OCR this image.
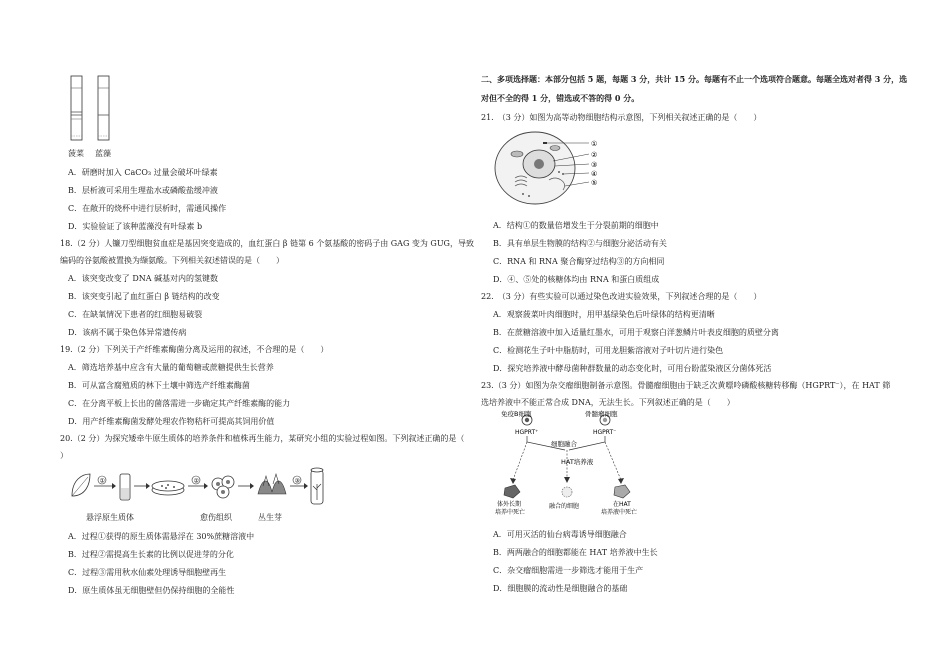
菠菜 蓝藻
A．研磨时加入 CaCO₃ 过量会破坏叶绿素
B．层析液可采用生理盐水或磷酸盐缓冲液
C．在敞开的烧杯中进行层析时，需通风操作
D．实验验证了该种蓝藻没有叶绿素 b
18.（2 分）人镰刀型细胞贫血症是基因突变造成的，血红蛋白 β 链第 6 个氨基酸的密码子由 GAG 变为 GUG，导致
编码的谷氨酸被置换为缬氨酸。下列相关叙述错误的是（　　）
A．该突变改变了 DNA 碱基对内的氢键数
B．该突变引起了血红蛋白 β 链结构的改变
C．在缺氧情况下患者的红细胞易破裂
D．该病不属于染色体异常遗传病
19.（2 分）下列关于产纤维素酶菌分离及运用的叙述，不合理的是（　　）
A．筛选培养基中应含有大量的葡萄糖或蔗糖提供生长营养
B．可从富含腐殖质的林下土壤中筛选产纤维素酶菌
C．在分离平板上长出的菌落需进一步确定其产纤维素酶的能力
D．用产纤维素酶菌发酵处理农作物秸秆可提高其饲用价值
20.（2 分）为探究矮牵牛原生质体的培养条件和植株再生能力，某研究小组的实验过程如图。下列叙述正确的是（
）
①	②	③
悬浮原生质体	愈伤组织	丛生芽
A．过程①获得的原生质体需悬浮在 30%蔗糖溶液中
B．过程②需提高生长素的比例以促进芽的分化
C．过程③需用秋水仙素处理诱导细胞壁再生
D．原生质体虽无细胞壁但仍保持细胞的全能性
二、多项选择题：本部分包括 5 题，每题 3 分，共计 15 分。每题有不止一个选项符合题意。每题全选对者得 3 分，选
对但不全的得 1 分，错选或不答的得 0 分。
21.　（3 分）如图为高等动物细胞结构示意图，下列相关叙述正确的是（　　）
①
②
③
④
⑤
A．结构①的数量倍增发生于分裂前期的细胞中
B．具有单层生物膜的结构②与细胞分泌活动有关
C．RNA 和 RNA 聚合酶穿过结构③的方向相同
D．④、⑤处的核糖体均由 RNA 和蛋白质组成
22.　（3 分）有些实验可以通过染色改进实验效果，下列叙述合理的是（　　）
A．观察菠菜叶肉细胞时，用甲基绿染色后叶绿体的结构更清晰
B．在蔗糖溶液中加入适量红墨水，可用于观察白洋葱鳞片叶表皮细胞的质壁分离
C．检测花生子叶中脂肪时，可用龙胆紫溶液对子叶切片进行染色
D．探究培养液中酵母菌种群数量的动态变化时，可用台盼蓝染液区分菌体死活
23.（3 分）如图为杂交瘤细胞制备示意图。骨髓瘤细胞由于缺乏次黄嘌呤磷酸核糖转移酶（HGPRT⁻），在 HAT 筛
选培养液中不能正常合成 DNA，无法生长。下列叙述正确的是（　　）
免疫B细胞	骨髓瘤细胞
HGPRT⁺	HGPRT⁻
细胞融合
HAT培养液
体外长期
培养中死亡
融合的细胞	在HAT
培养液中死亡
A．可用灭活的仙台病毒诱导细胞融合
B．两两融合的细胞都能在 HAT 培养液中生长
C．杂交瘤细胞需进一步筛选才能用于生产
D．细胞膜的流动性是细胞融合的基础
